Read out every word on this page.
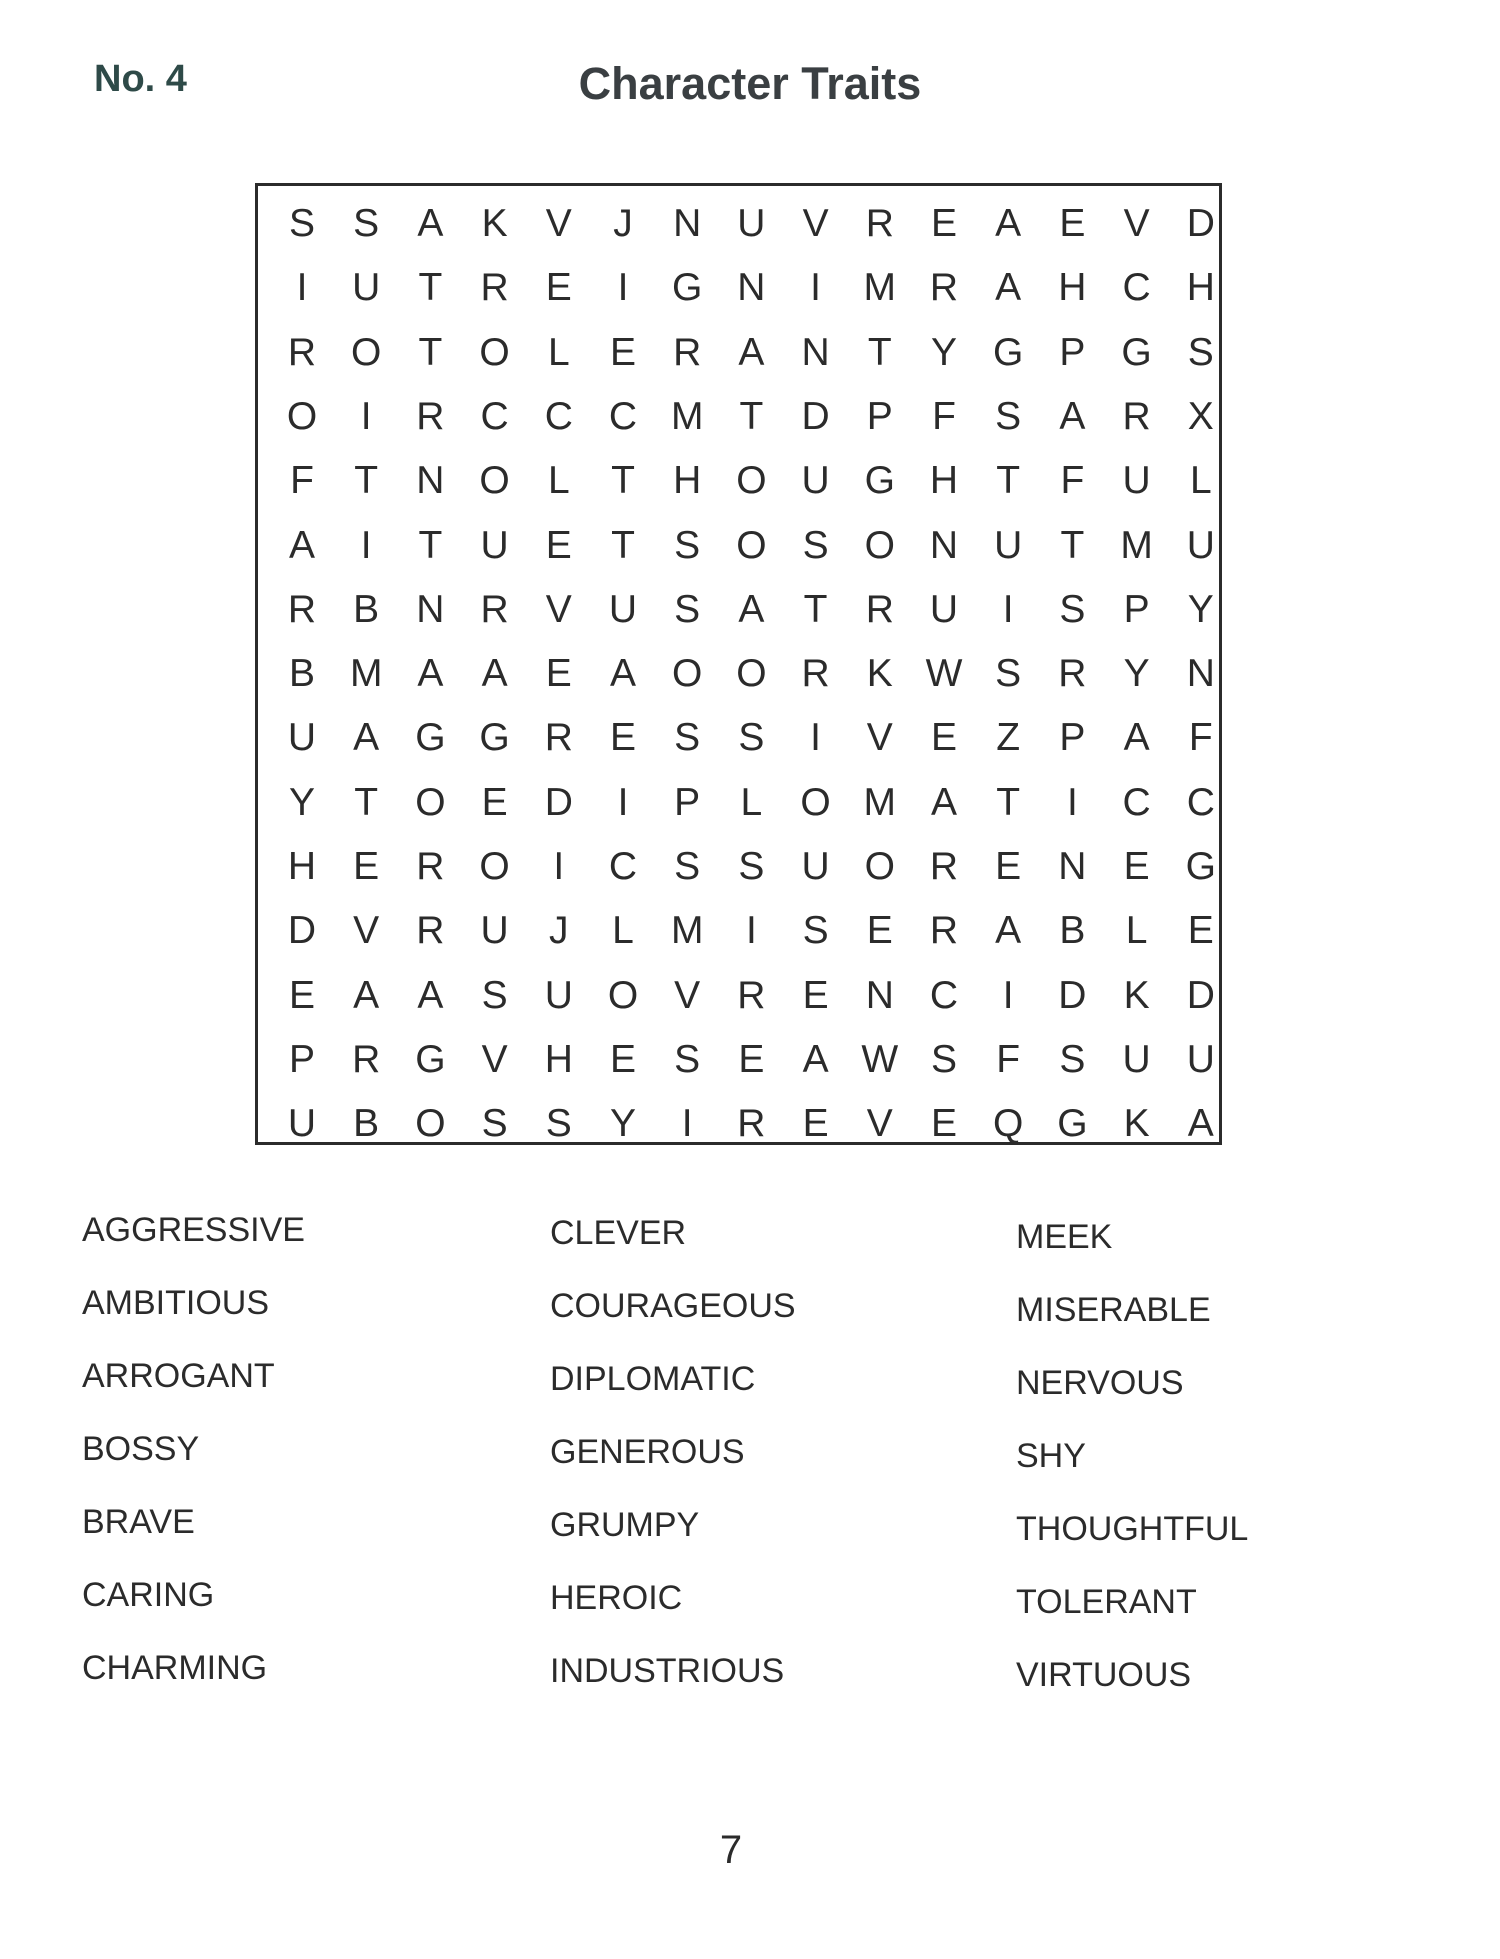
No. 4	Character Traits
S S A K V	J	N U V R E A E V D
I	U T R E	I	G N	I	M R A H C H
R O T O L	E R A N T	Y G P G S
O	I	R C C C M T D P	F	S A R X
F	T N O L	T H O U G H T	F U	L
A	I	T U E	T	S O S O N U T M U
R B N R V U S A	T R U	I	S P Y
B M A A E A O O R K W S R Y N
U A G G R E S S	I	V E	Z	P A	F
Y	T O E D	I	P	L O M A	T	I	C C
H E R O	I	C S S U O R E N E G
D V R U	J	L M	I	S E R A B	L	E
E A A S U O V R E N C	I	D K D
P R G V H E S E A W S	F	S U U
U B O S S Y	I	R E V E Q G K A
AGGRESSIVE
AMBITIOUS
ARROGANT
BOSSY
BRAVE
CARING
CHARMING
CLEVER
COURAGEOUS
DIPLOMATIC
GENEROUS
GRUMPY
HEROIC
INDUSTRIOUS
MEEK
MISERABLE
NERVOUS
SHY
THOUGHTFUL
TOLERANT
VIRTUOUS
7
